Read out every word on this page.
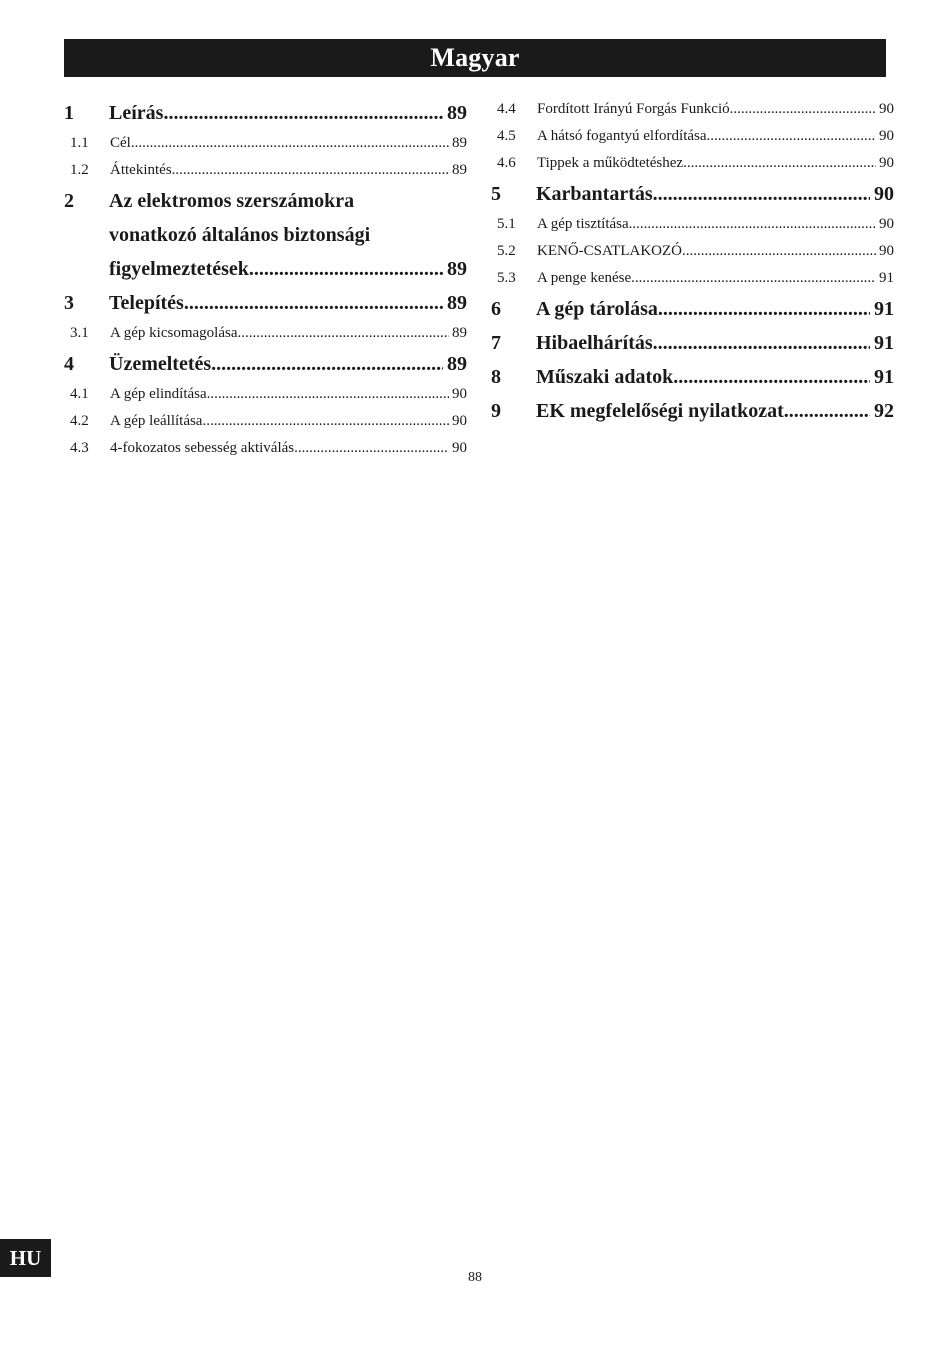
Magyar
1	Leírás .....	89
1.1	Cél .....	89
1.2	Áttekintés .....	89
2	Az elektromos szerszámokra
vonatkozó általános biztonsági
figyelmeztetések .....	89
3	Telepítés .....	89
3.1	A gép kicsomagolása .....	89
4	Üzemeltetés .....	89
4.1	A gép elindítása .....	90
4.2	A gép leállítása .....	90
4.3	4-fokozatos sebesség aktiválás .....	90
4.4	Fordított Irányú Forgás Funkció .....	90
4.5	A hátsó fogantyú elfordítása .....	90
4.6	Tippek a működtetéshez .....	90
5	Karbantartás .....	90
5.1	A gép tisztítása .....	90
5.2	KENŐ-CSATLAKOZÓ .....	90
5.3	A penge kenése .....	91
6	A gép tárolása .....	91
7	Hibaelhárítás .....	91
8	Műszaki adatok .....	91
9	EK megfelelőségi nyilatkozat .....	92
HU
88
